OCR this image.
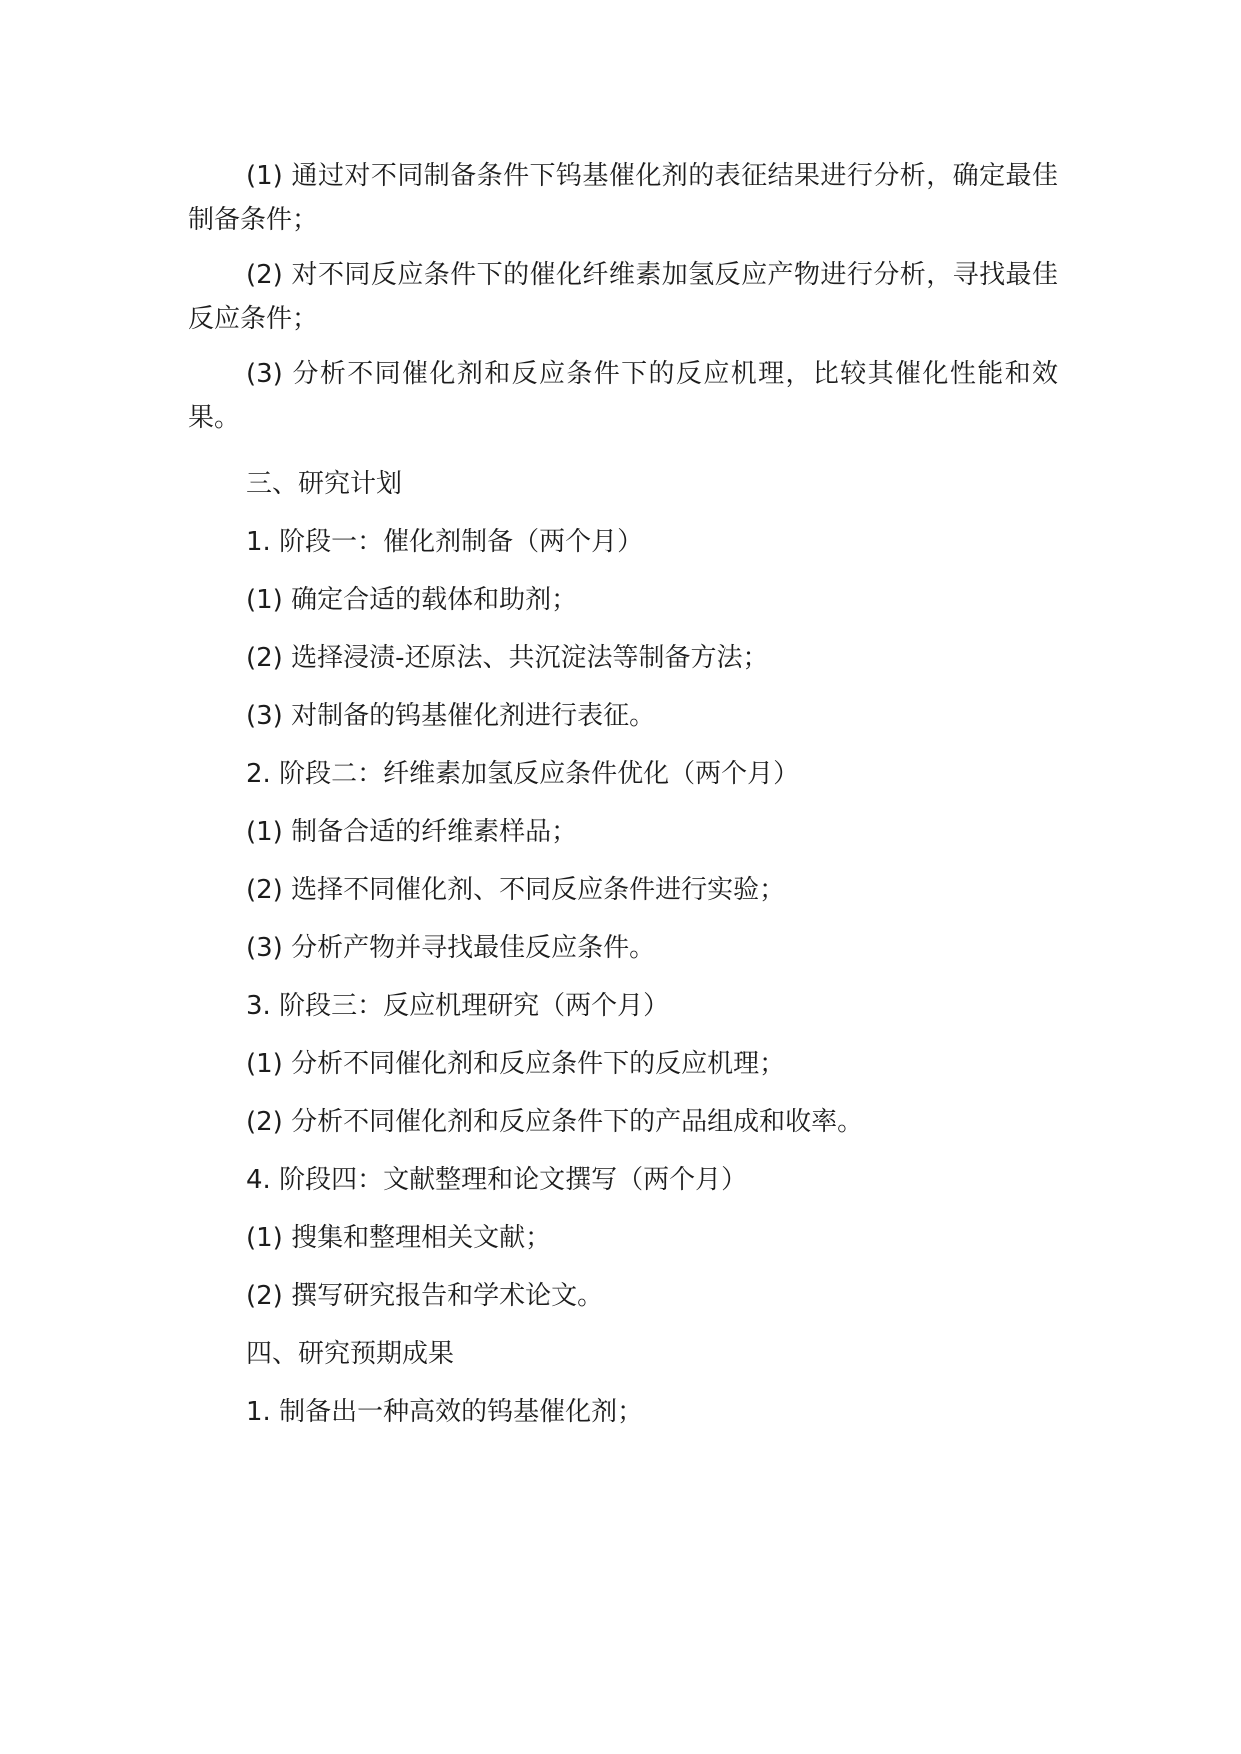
(1) 通过对不同制备条件下钨基催化剂的表征结果进行分析，确定最佳制备条件；

(2) 对不同反应条件下的催化纤维素加氢反应产物进行分析，寻找最佳反应条件；

(3) 分析不同催化剂和反应条件下的反应机理，比较其催化性能和效果。

三、研究计划

1. 阶段一：催化剂制备（两个月）

(1) 确定合适的载体和助剂；

(2) 选择浸渍-还原法、共沉淀法等制备方法；

(3) 对制备的钨基催化剂进行表征。

2. 阶段二：纤维素加氢反应条件优化（两个月）

(1) 制备合适的纤维素样品；

(2) 选择不同催化剂、不同反应条件进行实验；

(3) 分析产物并寻找最佳反应条件。

3. 阶段三：反应机理研究（两个月）

(1) 分析不同催化剂和反应条件下的反应机理；

(2) 分析不同催化剂和反应条件下的产品组成和收率。

4. 阶段四：文献整理和论文撰写（两个月）

(1) 搜集和整理相关文献；

(2) 撰写研究报告和学术论文。

四、研究预期成果

1. 制备出一种高效的钨基催化剂；
